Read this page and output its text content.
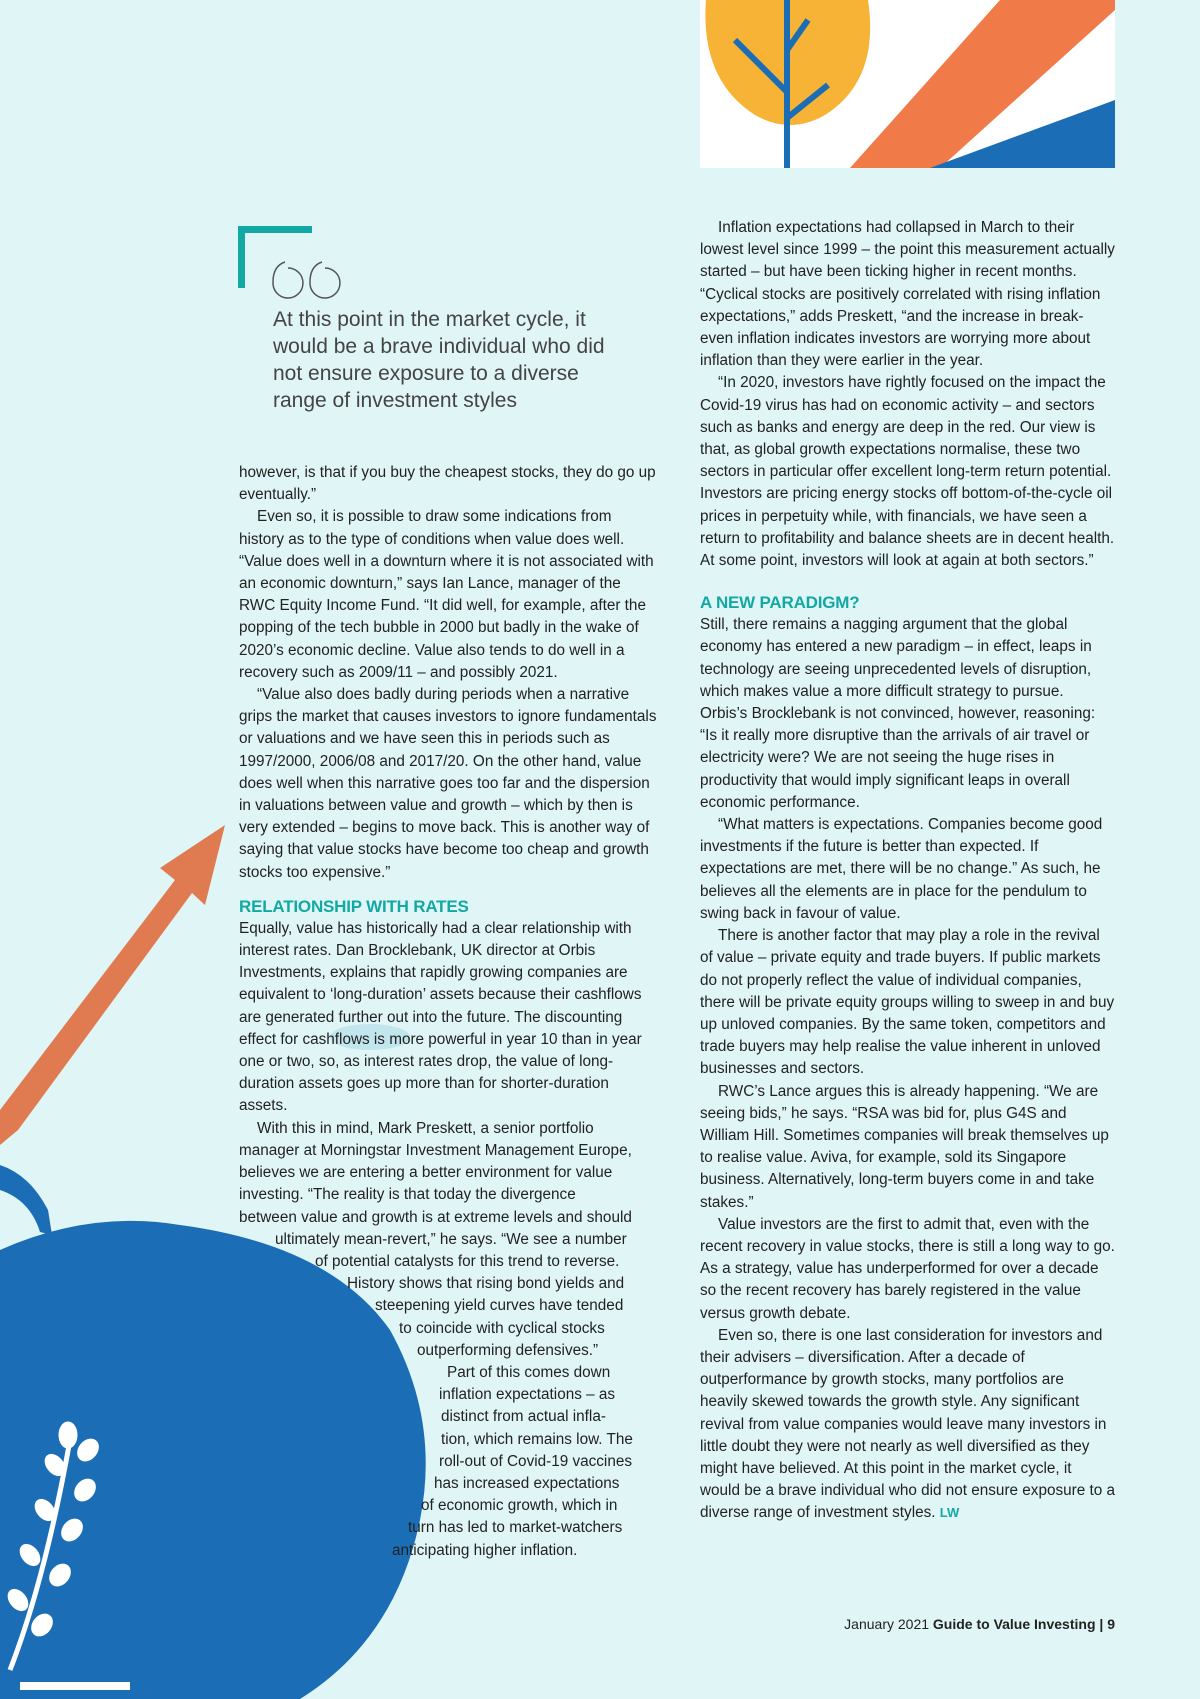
At this point in the market cycle, it would be a brave individual who did not ensure exposure to a diverse range of investment styles

however, is that if you buy the cheapest stocks, they do go up eventually.”

Even so, it is possible to draw some indications from history as to the type of conditions when value does well. “Value does well in a downturn where it is not associated with an economic downturn,” says Ian Lance, manager of the RWC Equity Income Fund. “It did well, for example, after the popping of the tech bubble in 2000 but badly in the wake of 2020’s economic decline. Value also tends to do well in a recovery such as 2009/11 – and possibly 2021.

“Value also does badly during periods when a narrative grips the market that causes investors to ignore fundamentals or valuations and we have seen this in periods such as 1997/2000, 2006/08 and 2017/20. On the other hand, value does well when this narrative goes too far and the dispersion in valuations between value and growth – which by then is very extended – begins to move back. This is another way of saying that value stocks have become too cheap and growth stocks too expensive.”

RELATIONSHIP WITH RATES

Equally, value has historically had a clear relationship with interest rates. Dan Brocklebank, UK director at Orbis Investments, explains that rapidly growing companies are equivalent to ‘long-duration’ assets because their cashflows are generated further out into the future. The discounting effect for cashflows is more powerful in year 10 than in year one or two, so, as interest rates drop, the value of long-duration assets goes up more than for shorter-duration assets.

With this in mind, Mark Preskett, a senior portfolio
manager at Morningstar Investment Management Europe,
believes we are entering a better environment for value
investing. “The reality is that today the divergence
between value and growth is at extreme levels and should
ultimately mean-revert,” he says. “We see a number
of potential catalysts for this trend to reverse.
History shows that rising bond yields and
steepening yield curves have tended
to coincide with cyclical stocks
outperforming defensives.”
Part of this comes down
inflation expectations – as
distinct from actual infla-
tion, which remains low. The
roll-out of Covid-19 vaccines
has increased expectations
of economic growth, which in
turn has led to market-watchers
anticipating higher inflation.

Inflation expectations had collapsed in March to their lowest level since 1999 – the point this measurement actually started – but have been ticking higher in recent months. “Cyclical stocks are positively correlated with rising inflation expectations,” adds Preskett, “and the increase in break-even inflation indicates investors are worrying more about inflation than they were earlier in the year.

“In 2020, investors have rightly focused on the impact the Covid-19 virus has had on economic activity – and sectors such as banks and energy are deep in the red. Our view is that, as global growth expectations normalise, these two sectors in particular offer excellent long-term return potential. Investors are pricing energy stocks off bottom-of-the-cycle oil prices in perpetuity while, with financials, we have seen a return to profitability and balance sheets are in decent health. At some point, investors will look at again at both sectors.”

A NEW PARADIGM?

Still, there remains a nagging argument that the global economy has entered a new paradigm – in effect, leaps in technology are seeing unprecedented levels of disruption, which makes value a more difficult strategy to pursue. Orbis’s Brocklebank is not convinced, however, reasoning: “Is it really more disruptive than the arrivals of air travel or electricity were? We are not seeing the huge rises in productivity that would imply significant leaps in overall economic performance.

“What matters is expectations. Companies become good investments if the future is better than expected. If expectations are met, there will be no change.” As such, he believes all the elements are in place for the pendulum to swing back in favour of value.

There is another factor that may play a role in the revival of value – private equity and trade buyers. If public markets do not properly reflect the value of individual companies, there will be private equity groups willing to sweep in and buy up unloved companies. By the same token, competitors and trade buyers may help realise the value inherent in unloved businesses and sectors.

RWC’s Lance argues this is already happening. “We are seeing bids,” he says. “RSA was bid for, plus G4S and William Hill. Sometimes companies will break themselves up to realise value. Aviva, for example, sold its Singapore business. Alternatively, long-term buyers come in and take stakes.”

Value investors are the first to admit that, even with the recent recovery in value stocks, there is still a long way to go. As a strategy, value has underperformed for over a decade so the recent recovery has barely registered in the value versus growth debate.

Even so, there is one last consideration for investors and their advisers – diversification. After a decade of outperformance by growth stocks, many portfolios are heavily skewed towards the growth style. Any significant revival from value companies would leave many investors in little doubt they were not nearly as well diversified as they might have believed. At this point in the market cycle, it would be a brave individual who did not ensure exposure to a diverse range of investment styles. LW

January 2021 Guide to Value Investing | 9
